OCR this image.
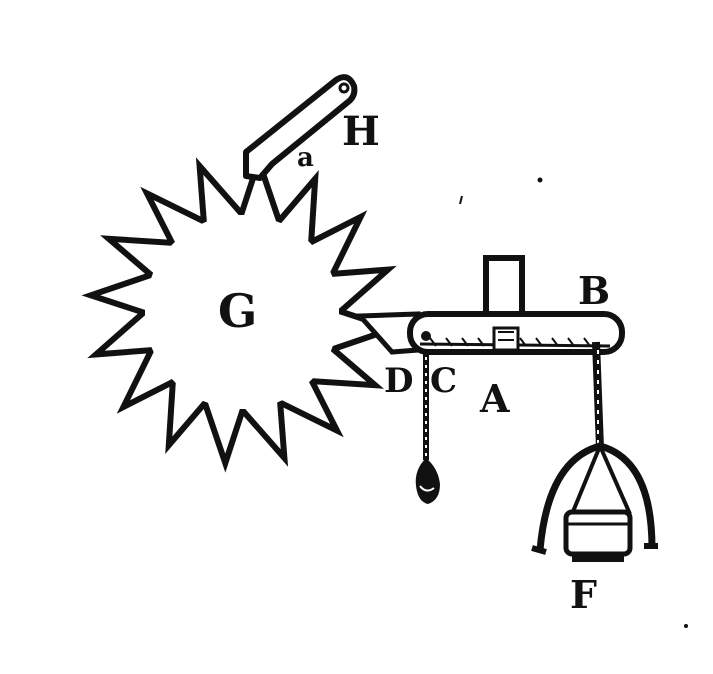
H
a
G	B
D C A
F
